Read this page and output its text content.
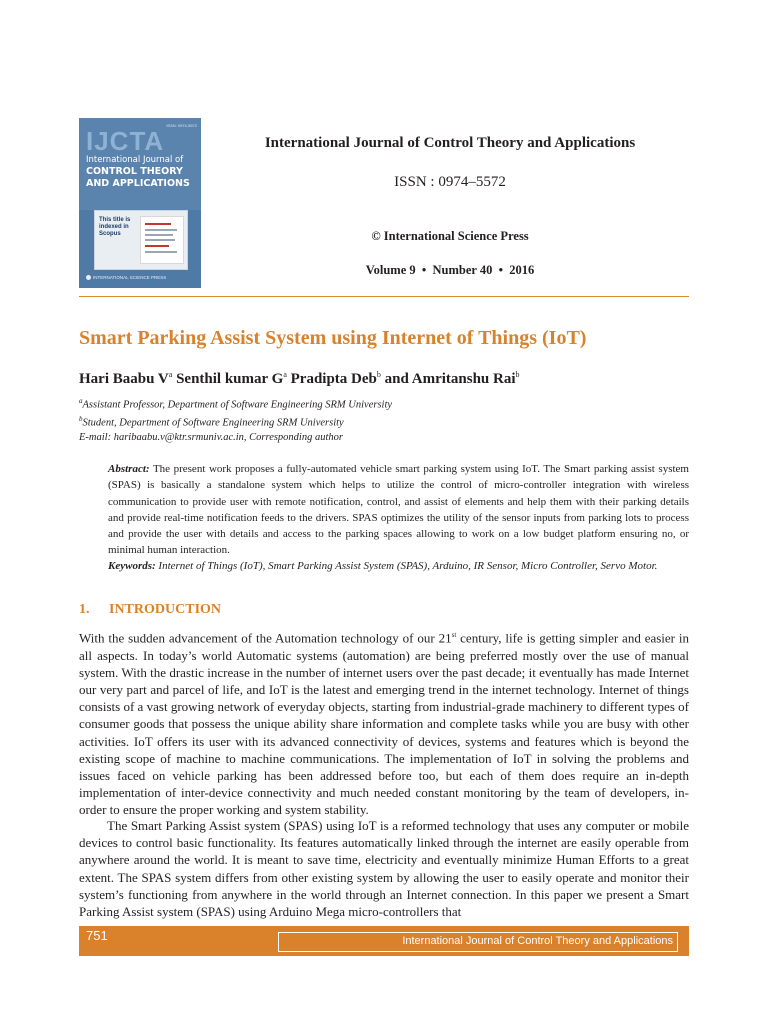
ISSN: 0974-5572
IJCTA
International Journal of
CONTROL THEORY
AND APPLICATIONS
This title is indexed in Scopus
INTERNATIONAL SCIENCE PRESS
International Journal of Control Theory and Applications
ISSN : 0974–5572
© International Science Press
Volume 9  •  Number 40  •  2016
Smart Parking Assist System using Internet of Things (IoT)
Hari Baabu $V^a$ Senthil kumar $G^a$ Pradipta Deb$^b$ and Amritanshu Rai$^b$
$^a$Assistant Professor, Department of Software Engineering SRM University
$^b$Student, Department of Software Engineering SRM University
E-mail: haribaabu.v@ktr.srmuniv.ac.in, Corresponding author
Abstract: The present work proposes a fully-automated vehicle smart parking system using IoT. The Smart parking assist system (SPAS) is basically a standalone system which helps to utilize the control of micro-controller integration with wireless communication to provide user with remote notification, control, and assist of elements and help them with their parking details and provide real-time notification feeds to the drivers. SPAS optimizes the utility of the sensor inputs from parking lots to process and provide the user with details and access to the parking spaces allowing to work on a low budget platform ensuring no, or minimal human interaction.
Keywords: Internet of Things (IoT), Smart Parking Assist System (SPAS), Arduino, IR Sensor, Micro Controller, Servo Motor.
1. INTRODUCTION
With the sudden advancement of the Automation technology of our 21st century, life is getting simpler and easier in all aspects. In today’s world Automatic systems (automation) are being preferred mostly over the use of manual system. With the drastic increase in the number of internet users over the past decade; it eventually has made Internet our very part and parcel of life, and IoT is the latest and emerging trend in the internet technology. Internet of things consists of a vast growing network of everyday objects, starting from industrial-grade machinery to different types of consumer goods that possess the unique ability share information and complete tasks while you are busy with other activities. IoT offers its user with its advanced connectivity of devices, systems and features which is beyond the existing scope of machine to machine communications. The implementation of IoT in solving the problems and issues faced on vehicle parking has been addressed before too, but each of them does require an in-depth implementation of inter-device connectivity and much needed constant monitoring by the team of developers, in-order to ensure the proper working and system stability.
The Smart Parking Assist system (SPAS) using IoT is a reformed technology that uses any computer or mobile devices to control basic functionality. Its features automatically linked through the internet are easily operable from anywhere around the world. It is meant to save time, electricity and eventually minimize Human Efforts to a great extent. The SPAS system differs from other existing system by allowing the user to easily operate and monitor their system’s functioning from anywhere in the world through an Internet connection. In this paper we present a Smart Parking Assist system (SPAS) using Arduino Mega micro-controllers that
751	International Journal of Control Theory and Applications
